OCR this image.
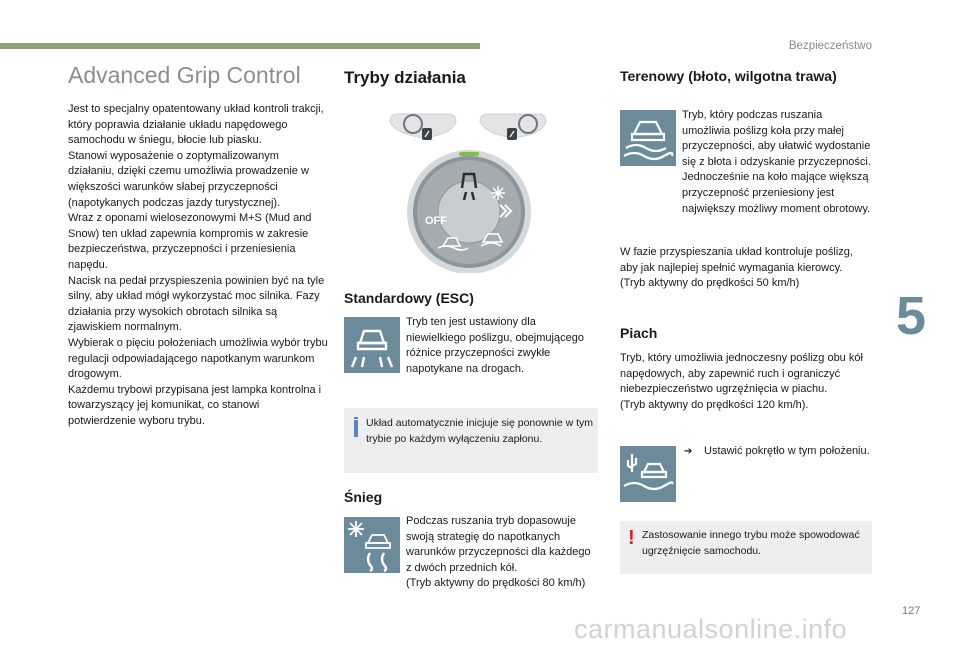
Bezpieczeństwo
5
Advanced Grip Control

Jest to specjalny opatentowany układ kontroli trakcji, który poprawia działanie układu napędowego samochodu w śniegu, błocie lub piasku.

Stanowi wyposażenie o zoptymalizowanym działaniu, dzięki czemu umożliwia prowadzenie w większości warunków słabej przyczepności (napotykanych podczas jazdy turystycznej).

Wraz z oponami wielosezonowymi M+S (Mud and Snow) ten układ zapewnia kompromis w zakresie bezpieczeństwa, przyczepności i przeniesienia napędu.

Nacisk na pedał przyspieszenia powinien być na tyle silny, aby układ mógł wykorzystać moc silnika. Fazy działania przy wysokich obrotach silnika są zjawiskiem normalnym.

Wybierak o pięciu położeniach umożliwia wybór trybu regulacji odpowiadającego napotkanym warunkom drogowym.

Każdemu trybowi przypisana jest lampka kontrolna i towarzyszący jej komunikat, co stanowi potwierdzenie wyboru trybu.

Tryby działania
OFF
Standardowy (ESC)
Tryb ten jest ustawiony dla niewielkiego poślizgu, obejmującego różnice przyczepności zwykłe napotykane na drogach.
Układ automatycznie inicjuje się ponownie w tym trybie po każdym wyłączeniu zapłonu.
Śnieg
Podczas ruszania tryb dopasowuje swoją strategię do napotkanych warunków przyczepności dla każdego z dwóch przednich kół.
(Tryb aktywny do prędkości 80 km/h)
Terenowy (błoto, wilgotna trawa)
Tryb, który podczas ruszania umożliwia poślizg koła przy małej przyczepności, aby ułatwić wydostanie się z błota i odzyskanie przyczepności. Jednocześnie na koło mające większą przyczepność przeniesiony jest największy możliwy moment obrotowy.
W fazie przyspieszania układ kontroluje poślizg, aby jak najlepiej spełnić wymagania kierowcy.
(Tryb aktywny do prędkości 50 km/h)
Piach
Tryb, który umożliwia jednoczesny poślizg obu kół napędowych, aby zapewnić ruch i ograniczyć niebezpieczeństwo ugrzęźnięcia w piachu.
(Tryb aktywny do prędkości 120 km/h).
➔ Ustawić pokrętło w tym położeniu.
! Zastosowanie innego trybu może spowodować ugrzęźnięcie samochodu.
127
carmanualsonline.info
